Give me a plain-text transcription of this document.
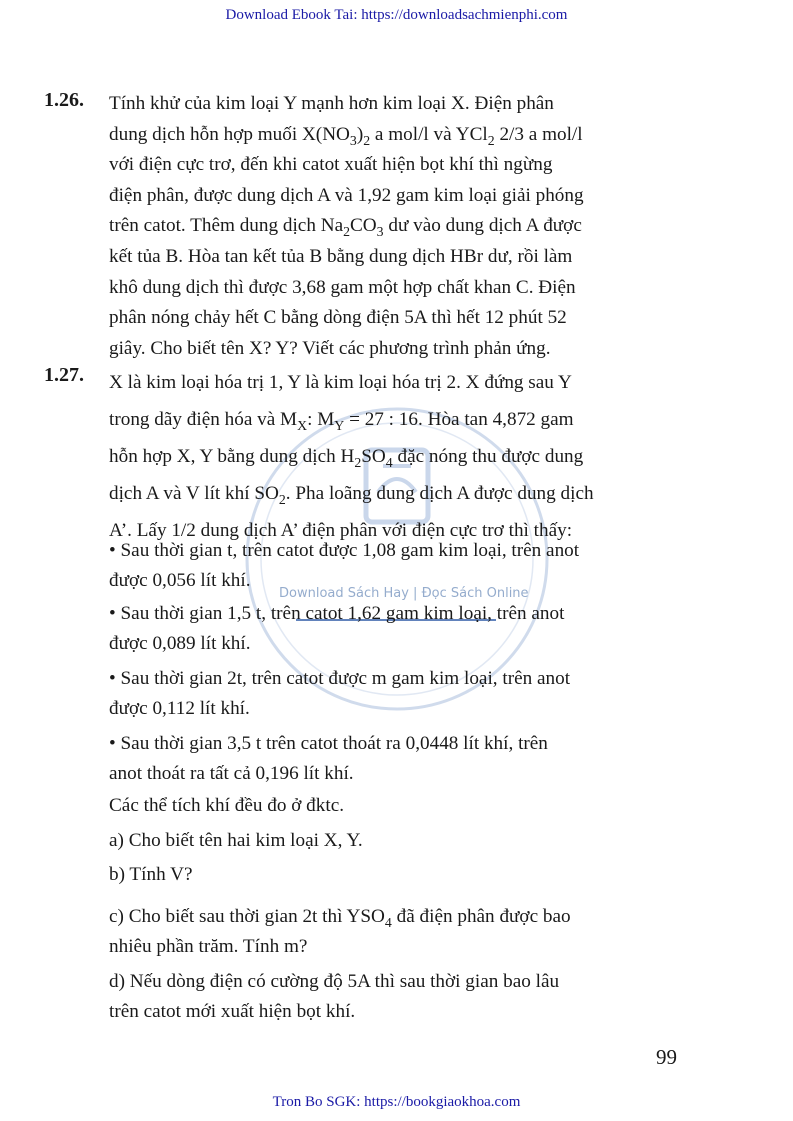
Download Ebook Tai: https://downloadsachmienphi.com
Tron Bo SGK: https://bookgiaokhoa.com
Download Sách Hay | Đọc Sách Online
1.26. Tính khử của kim loại Y mạnh hơn kim loại X. Điện phân
dung dịch hỗn hợp muối $X(NO_3)_2$ a mol/l và YCl$_2$ 2/3 a mol/l
với điện cực trơ, đến khi catot xuất hiện bọt khí thì ngừng
điện phân, được dung dịch A và 1,92 gam kim loại giải phóng
trên catot. Thêm dung dịch $Na_2CO_3$ dư vào dung dịch A được
kết tủa B. Hòa tan kết tủa B bằng dung dịch HBr dư, rồi làm
khô dung dịch thì được 3,68 gam một hợp chất khan C. Điện
phân nóng chảy hết C bằng dòng điện 5A thì hết 12 phút 52
giây. Cho biết tên X? Y? Viết các phương trình phản ứng.
1.27. X là kim loại hóa trị 1, Y là kim loại hóa trị 2. X đứng sau Y
trong dãy điện hóa và $M_X$: $M_Y = 27$ : 16. Hòa tan 4,872 gam
hỗn hợp X, Y bằng dung dịch $H_2SO_4$ đặc nóng thu được dung
dịch A và V lít khí $SO_2$. Pha loãng dung dịch A được dung dịch
A’. Lấy 1/2 dung dịch A’ điện phân với điện cực trơ thì thấy:
• Sau thời gian t, trên catot được 1,08 gam kim loại, trên anot
được 0,056 lít khí.
• Sau thời gian 1,5 t, trên catot 1,62 gam kim loại, trên anot
được 0,089 lít khí.
• Sau thời gian 2t, trên catot được m gam kim loại, trên anot
được 0,112 lít khí.
• Sau thời gian 3,5 t trên catot thoát ra 0,0448 lít khí, trên
anot thoát ra tất cả 0,196 lít khí.
Các thể tích khí đều đo ở đktc.
a) Cho biết tên hai kim loại X, Y.
b) Tính V?
c) Cho biết sau thời gian 2t thì $YSO_4$ đã điện phân được bao
nhiêu phần trăm. Tính m?
d) Nếu dòng điện có cường độ 5A thì sau thời gian bao lâu
trên catot mới xuất hiện bọt khí.
99
